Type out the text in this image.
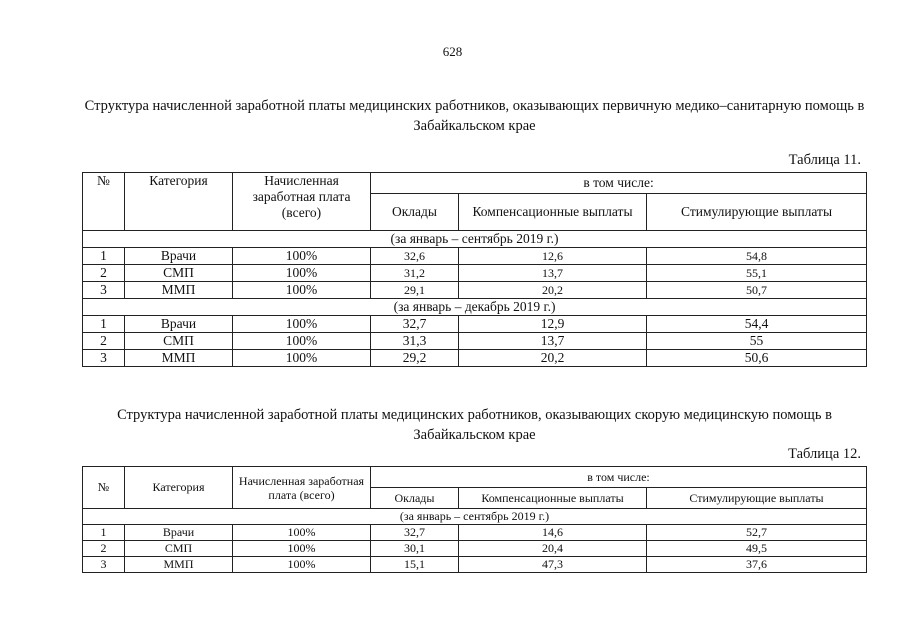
628
Структура начисленной заработной платы медицинских работников, оказывающих первичную медико–санитарную помощь в Забайкальском крае
Таблица 11.
№	Категория	Начисленная заработная плата (всего)	в том числе:		
			Оклады	Компенсационные выплаты	Стимулирующие выплаты
(за январь – сентябрь 2019 г.)					
1	Врачи	100%	32,6	12,6	54,8
2	СМП	100%	31,2	13,7	55,1
3	ММП	100%	29,1	20,2	50,7
(за январь – декабрь 2019 г.)					
1	Врачи	100%	32,7	12,9	54,4
2	СМП	100%	31,3	13,7	55
3	ММП	100%	29,2	20,2	50,6
Структура начисленной заработной платы медицинских работников, оказывающих скорую медицинскую помощь в Забайкальском крае
Таблица 12.
№	Категория	Начисленная заработная плата (всего)	в том числе:		
			Оклады	Компенсационные выплаты	Стимулирующие выплаты
(за январь – сентябрь 2019 г.)					
1	Врачи	100%	32,7	14,6	52,7
2	СМП	100%	30,1	20,4	49,5
3	ММП	100%	15,1	47,3	37,6
